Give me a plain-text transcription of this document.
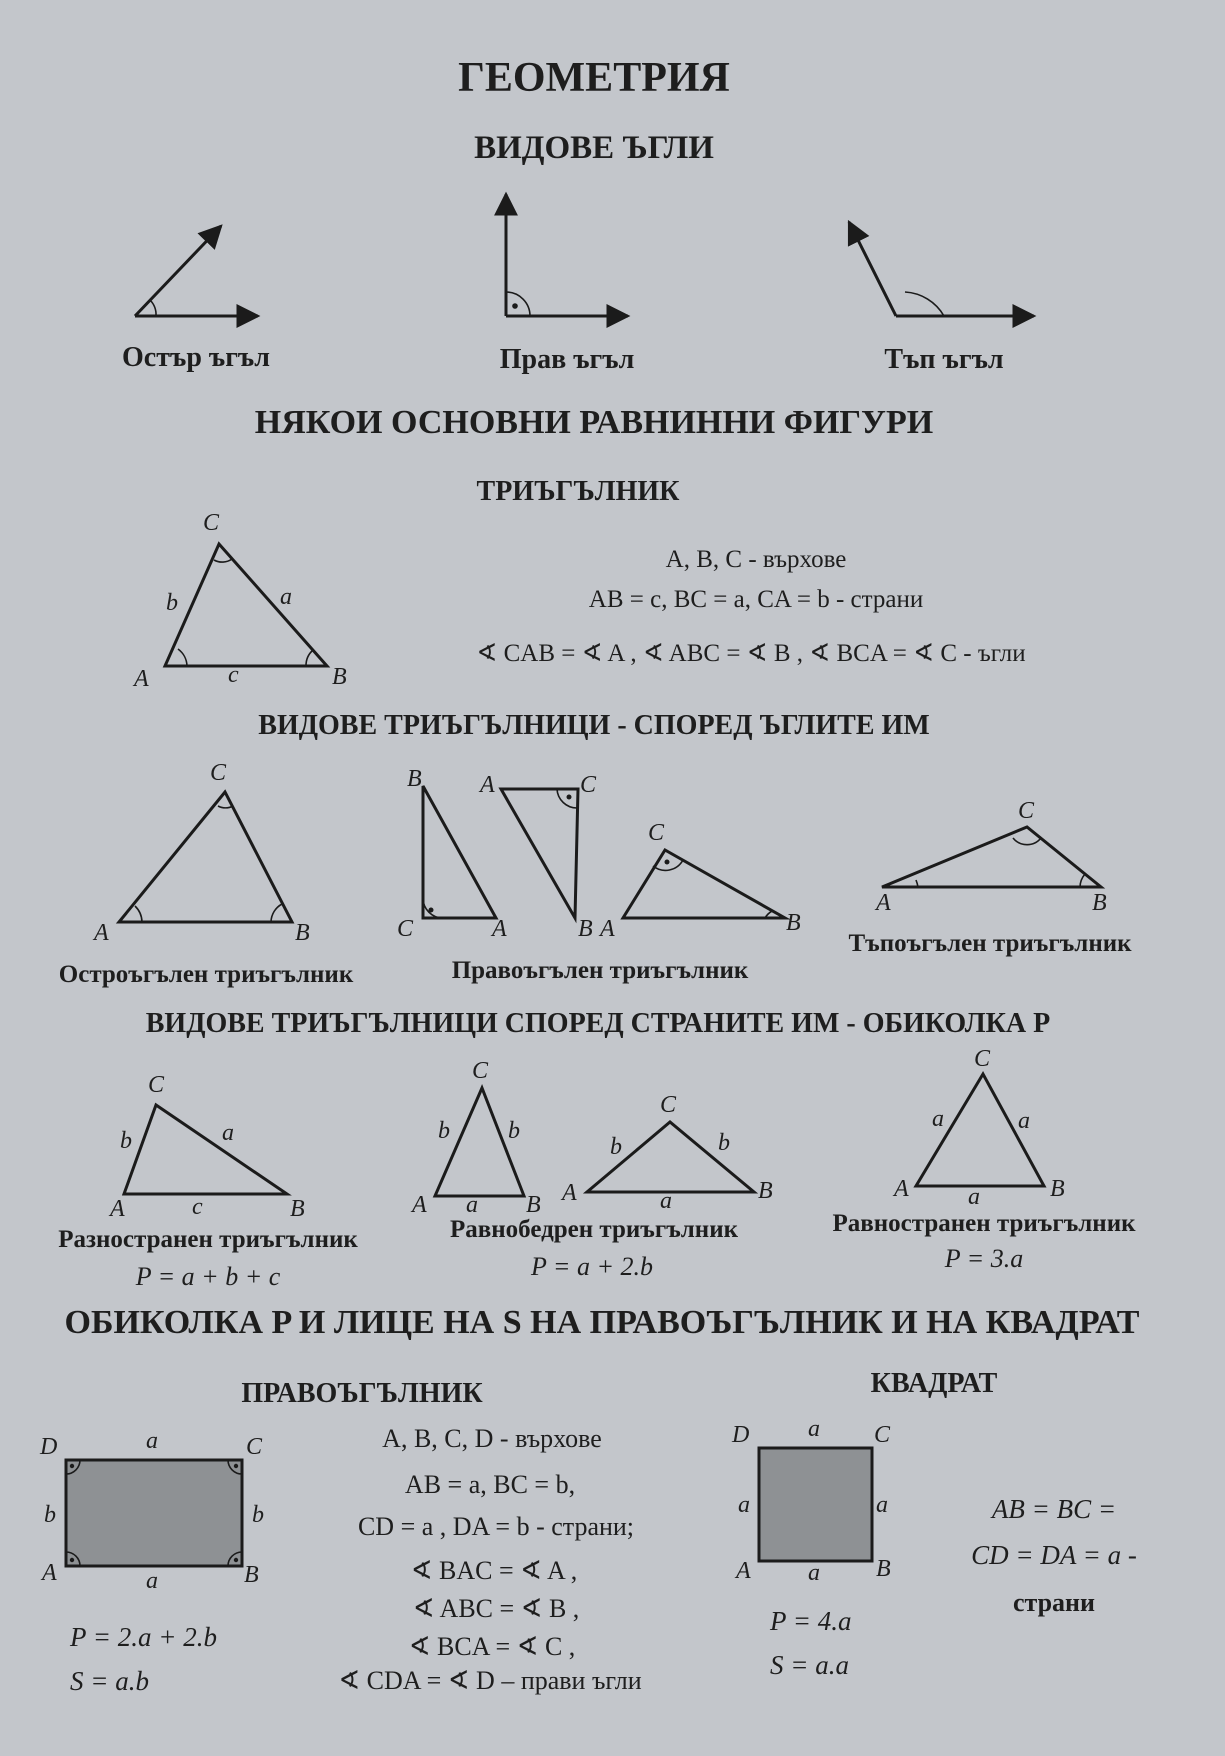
ГЕОМЕТРИЯ
ВИДОВЕ ЪГЛИ
Остър ъгъл	Прав ъгъл	Тъп ъгъл
НЯКОИ ОСНОВНИ РАВНИННИ ФИГУРИ
ТРИЪГЪЛНИК
C
A	B
b	a
c
A, B, C - върхове
AB = c, BC = a, CA = b - страни
∢ CAB = ∢ A , ∢ ABC = ∢ B , ∢ BCA = ∢ C - ъгли
ВИДОВЕ ТРИЪГЪЛНИЦИ - СПОРЕД ЪГЛИТЕ ИМ
C
A	B
B
C	A
A	C
B
C
A	B
C
A	B
Остроъгълен триъгълник	Правоъгълен триъгълник
Тъпоъгълен триъгълник
ВИДОВЕ ТРИЪГЪЛНИЦИ СПОРЕД СТРАНИТЕ ИМ - ОБИКОЛКА P
C
b	a
A	c	B
C
b b
A a B
C
b	b
A	a	B
C
a	a
A a	B
Разностранен триъгълник
P = a + b + c
Равнобедрен триъгълник
P = a + 2.b
Равностранен триъгълник
P = 3.a
ОБИКОЛКА P И ЛИЦЕ НА S НА ПРАВОЪГЪЛНИК И НА КВАДРАТ
ПРАВОЪГЪЛНИК	КВАДРАТ
D	a	C
b	b
A	a	B
D a C
a	a
A a B
A, B, C, D - върхове
AB = a, BC = b,
CD = a , DA = b - страни;
∢ BAC = ∢ A ,
∢ ABC = ∢ B ,
∢ BCA = ∢ C ,
∢ CDA = ∢ D – прави ъгли
P = 2.a + 2.b
S = a.b
P = 4.a
S = a.a
AB = BC =
CD = DA = a -
страни
